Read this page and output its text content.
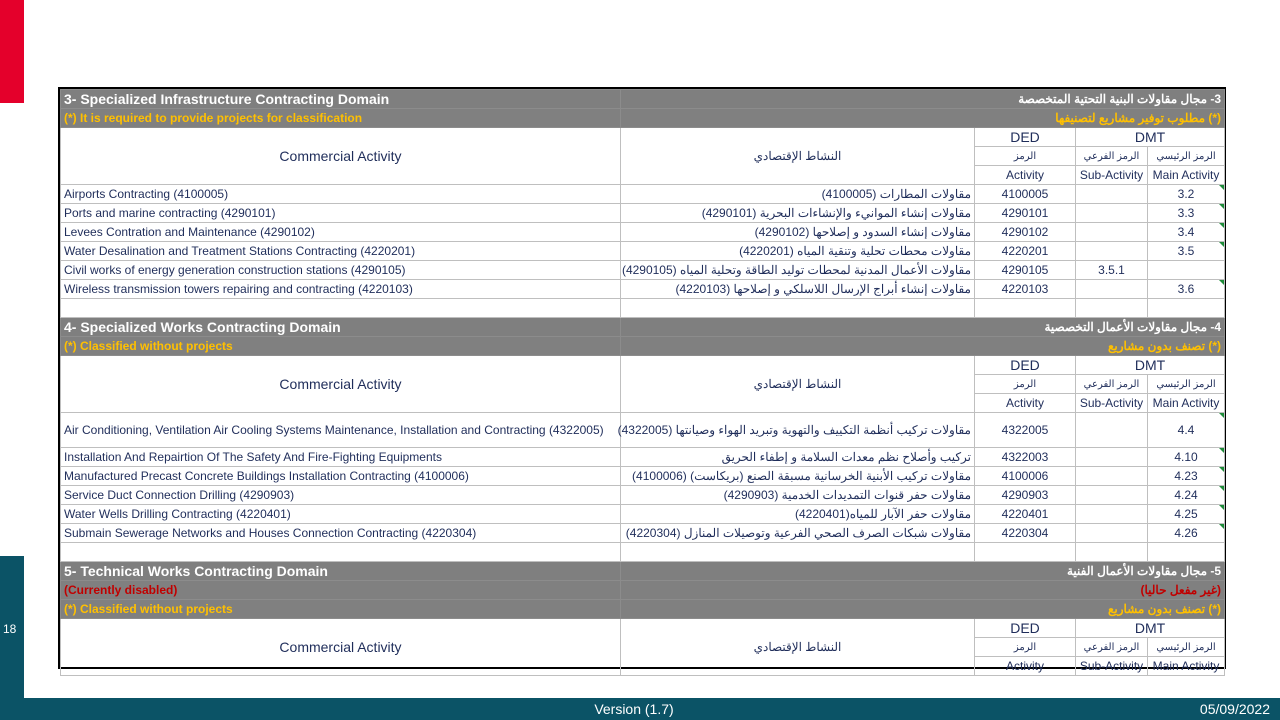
18
3- Specialized Infrastructure Contracting Domain	3- مجال مقاولات البنية التحتية المتخصصة			
(*) It is required to provide projects for classification	(*) مطلوب توفير مشاريع لتصنيفها			
Commercial Activity	النشاط الإقتصادي	DED	DMT	
		الرمز	الرمز الفرعي	الرمز الرئيسي
		Activity	Sub-Activity	Main Activity
Airports Contracting (4100005)	مقاولات المطارات (4100005)	4100005		3.2

Ports and marine contracting (4290101)	مقاولات إنشاء الموانيء والإنشاءات البحرية (4290101)	4290101		3.3

Levees Contration and Maintenance (4290102)	مقاولات إنشاء السدود و إصلاحها (4290102)	4290102		3.4

Water Desalination and Treatment Stations Contracting (4220201)	مقاولات محطات تحلية وتنقية المياه (4220201)	4220201		3.5

Civil works of energy generation construction stations (4290105)	مقاولات الأعمال المدنية لمحطات توليد الطاقة وتحلية المياه (4290105)	4290105	3.5.1	
Wireless transmission towers repairing and contracting (4220103)	مقاولات إنشاء أبراج الإرسال اللاسلكي و إصلاحها (4220103)	4220103		3.6

4- Specialized Works Contracting Domain	4- مجال مقاولات الأعمال التخصصية			
(*) Classified without projects	(*) تصنف بدون مشاريع			
Commercial Activity	النشاط الإقتصادي	DED	DMT	
		الرمز	الرمز الفرعي	الرمز الرئيسي
		Activity	Sub-Activity	Main Activity
Air Conditioning, Ventilation Air Cooling Systems Maintenance, Installation and Contracting (4322005)	مقاولات تركيب أنظمة التكييف والتهوية وتبريد الهواء وصيانتها (4322005)	4322005		4.4

Installation And Repairtion Of The Safety And Fire-Fighting Equipments	تركيب وأصلاح نظم معدات السلامة و إطفاء الحريق	4322003		4.10

Manufactured Precast Concrete Buildings Installation Contracting (4100006)	مقاولات تركيب الأبنية الخرسانية مسبقة الصنع (بريكاست) (4100006)	4100006		4.23

Service Duct Connection Drilling (4290903)	مقاولات حفر قنوات التمديدات الخدمية (4290903)	4290903		4.24

Water Wells Drilling Contracting (4220401)	مقاولات حفر الآبار للمياه(4220401)	4220401		4.25

Submain Sewerage Networks and Houses Connection Contracting (4220304)	مقاولات شبكات الصرف الصحي الفرعية وتوصيلات المنازل (4220304)	4220304		4.26

5- Technical Works Contracting Domain	5- مجال مقاولات الأعمال الفنية			
(Currently disabled)	(غير مفعل حاليا)			
(*) Classified without projects	(*) تصنف بدون مشاريع			
Commercial Activity	النشاط الإقتصادي	DED	DMT	
		الرمز	الرمز الفرعي	الرمز الرئيسي
		Activity	Sub-Activity	Main Activity
Version (1.7)	05/09/2022
